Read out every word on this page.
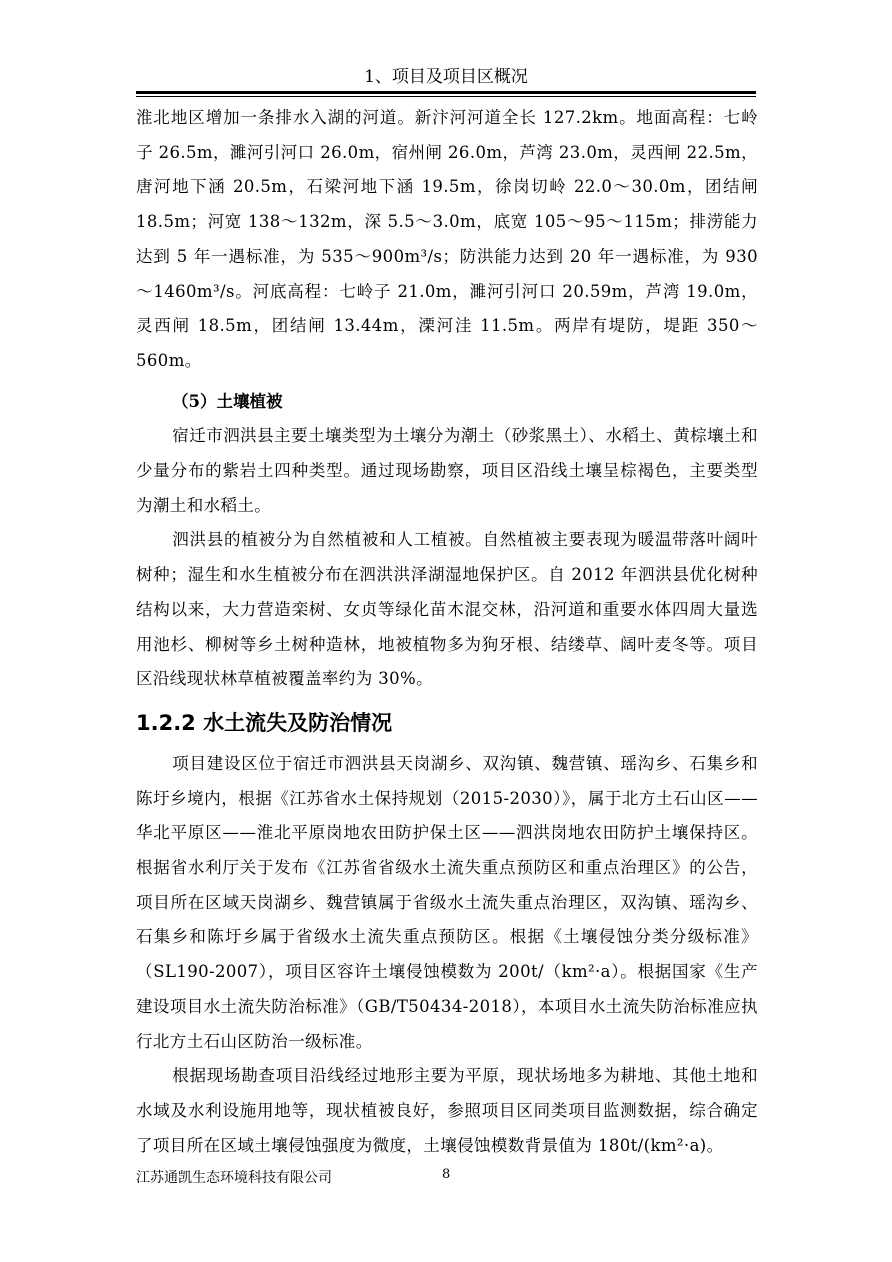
1、项目及项目区概况

淮北地区增加一条排水入湖的河道。新汴河河道全长 127.2km。地面高程：七岭子 26.5m，濉河引河口 26.0m，宿州闸 26.0m，芦湾 23.0m，灵西闸 22.5m，唐河地下涵 20.5m，石梁河地下涵 19.5m，徐岗切岭 22.0～30.0m，团结闸 18.5m；河宽 138～132m，深 5.5～3.0m，底宽 105～95～115m；排涝能力达到 5 年一遇标准，为 535～900m³/s；防洪能力达到 20 年一遇标准，为 930～1460m³/s。河底高程：七岭子 21.0m，濉河引河口 20.59m，芦湾 19.0m，灵西闸 18.5m，团结闸 13.44m，溧河洼 11.5m。两岸有堤防，堤距 350～560m。

（5）土壤植被

宿迁市泗洪县主要土壤类型为土壤分为潮土（砂浆黑土）、水稻土、黄棕壤土和少量分布的紫岩土四种类型。通过现场勘察，项目区沿线土壤呈棕褐色，主要类型为潮土和水稻土。

泗洪县的植被分为自然植被和人工植被。自然植被主要表现为暖温带落叶阔叶树种；湿生和水生植被分布在泗洪洪泽湖湿地保护区。自 2012 年泗洪县优化树种结构以来，大力营造栾树、女贞等绿化苗木混交林，沿河道和重要水体四周大量选用池杉、柳树等乡土树种造林，地被植物多为狗牙根、结缕草、阔叶麦冬等。项目区沿线现状林草植被覆盖率约为 30%。

1.2.2 水土流失及防治情况

项目建设区位于宿迁市泗洪县天岗湖乡、双沟镇、魏营镇、瑶沟乡、石集乡和陈圩乡境内，根据《江苏省水土保持规划（2015-2030）》，属于北方土石山区——华北平原区——淮北平原岗地农田防护保土区——泗洪岗地农田防护土壤保持区。根据省水利厅关于发布《江苏省省级水土流失重点预防区和重点治理区》的公告，项目所在区域天岗湖乡、魏营镇属于省级水土流失重点治理区，双沟镇、瑶沟乡、石集乡和陈圩乡属于省级水土流失重点预防区。根据《土壤侵蚀分类分级标准》（SL190-2007），项目区容许土壤侵蚀模数为 200t/（km²·a）。根据国家《生产建设项目水土流失防治标准》（GB/T50434-2018），本项目水土流失防治标准应执行北方土石山区防治一级标准。

根据现场勘查项目沿线经过地形主要为平原，现状场地多为耕地、其他土地和水域及水利设施用地等，现状植被良好，参照项目区同类项目监测数据，综合确定了项目所在区域土壤侵蚀强度为微度，土壤侵蚀模数背景值为 180t/(km²·a)。

江苏通凯生态环境科技有限公司	8
